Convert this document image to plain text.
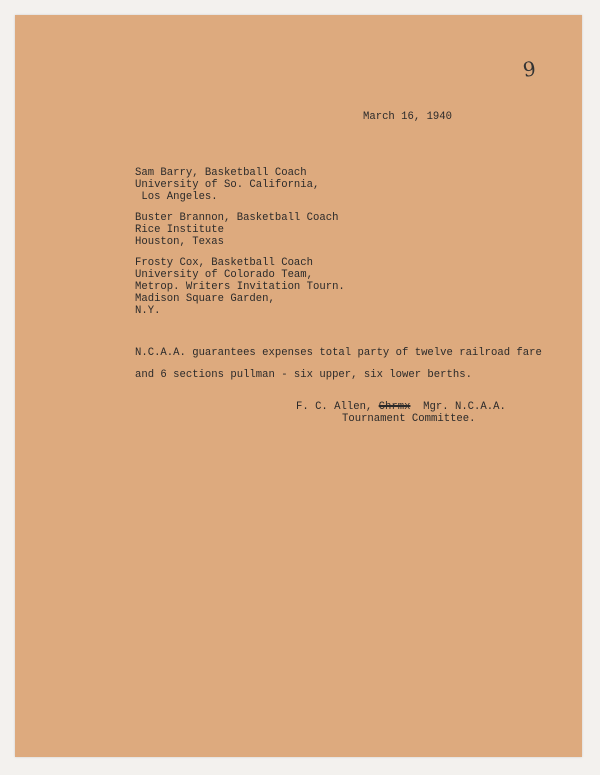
9
March 16, 1940
Sam Barry, Basketball Coach
University of So. California,
Los Angeles.
Buster Brannon, Basketball Coach
Rice Institute
Houston, Texas
Frosty Cox, Basketball Coach
University of Colorado Team,
Metrop. Writers Invitation Tourn.
Madison Square Garden,
N.Y.
N.C.A.A. guarantees expenses total party of twelve railroad fare
and 6 sections pullman - six upper, six lower berths.
F. C. Allen, Chrmx Mgr. N.C.A.A.
Tournament Committee.
